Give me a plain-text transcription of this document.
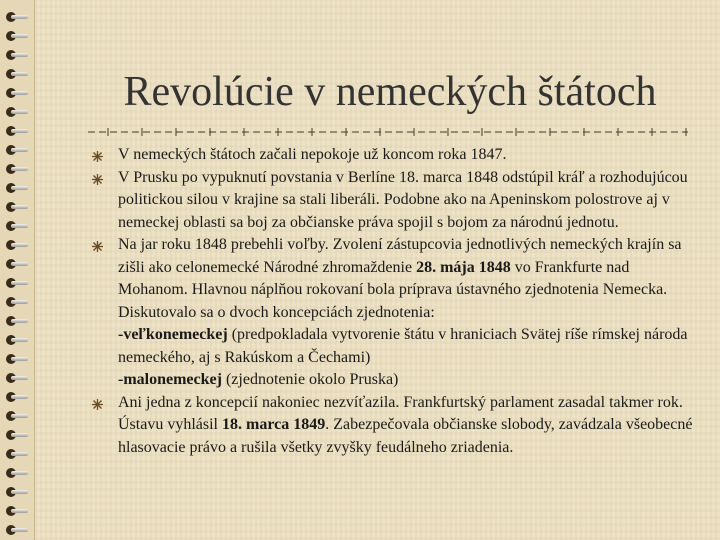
Revolúcie v nemeckých štátoch
V nemeckých štátoch začali nepokoje už koncom roka 1847.
V Prusku po vypuknutí povstania v Berlíne 18. marca 1848 odstúpil kráľ a rozhodujúcou politickou silou v krajine sa stali liberáli. Podobne ako na Apeninskom polostrove aj v nemeckej oblasti sa boj za občianske práva spojil s bojom za národnú jednotu.
Na jar roku 1848 prebehli voľby. Zvolení zástupcovia jednotlivých nemeckých krajín sa zišli ako celonemecké Národné zhromaždenie 28. mája 1848 vo Frankfurte nad Mohanom. Hlavnou náplňou rokovaní bola príprava ústavného zjednotenia Nemecka. Diskutovalo sa o dvoch koncepciách zjednotenia:
-veľkonemeckej (predpokladala vytvorenie štátu v hraniciach Svätej ríše rímskej národa nemeckého, aj s Rakúskom a Čechami)
-malonemeckej (zjednotenie okolo Pruska)
Ani jedna z koncepcií nakoniec nezvíťazila. Frankfurtský parlament zasadal takmer rok. Ústavu vyhlásil 18. marca 1849. Zabezpečovala občianske slobody, zavádzala všeobecné hlasovacie právo a rušila všetky zvyšky feudálneho zriadenia.
